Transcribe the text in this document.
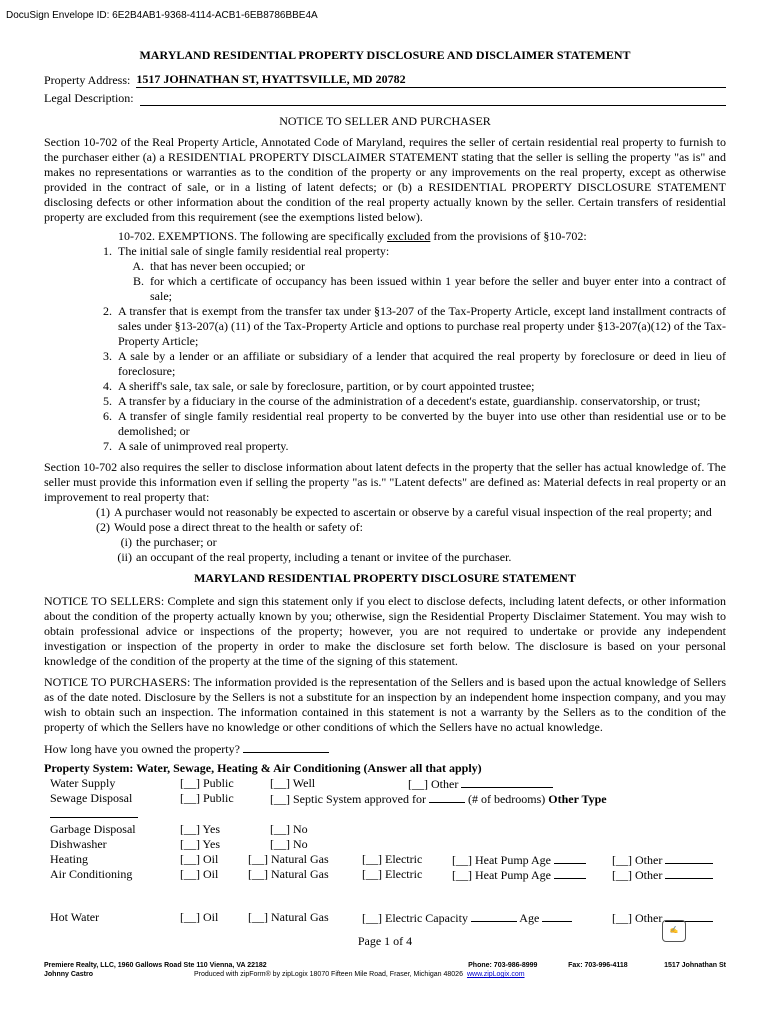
DocuSign Envelope ID: 6E2B4AB1-9368-4114-ACB1-6EB8786BBE4A
MARYLAND RESIDENTIAL PROPERTY DISCLOSURE AND DISCLAIMER STATEMENT
Property Address: 1517 JOHNATHAN ST, HYATTSVILLE, MD 20782
Legal Description:
NOTICE TO SELLER AND PURCHASER

Section 10-702 of the Real Property Article, Annotated Code of Maryland, requires the seller of certain residential real property to furnish to the purchaser either (a) a RESIDENTIAL PROPERTY DISCLAIMER STATEMENT stating that the seller is selling the property "as is" and makes no representations or warranties as to the condition of the property or any improvements on the real property, except as otherwise provided in the contract of sale, or in a listing of latent defects; or (b) a RESIDENTIAL PROPERTY DISCLOSURE STATEMENT disclosing defects or other information about the condition of the real property actually known by the seller. Certain transfers of residential property are excluded from this requirement (see the exemptions listed below).

10-702. EXEMPTIONS. The following are specifically excluded from the provisions of §10-702:
1. The initial sale of single family residential real property:
A. that has never been occupied; or
B. for which a certificate of occupancy has been issued within 1 year before the seller and buyer enter into a contract of sale;
2. A transfer that is exempt from the transfer tax under §13-207 of the Tax-Property Article, except land installment contracts of sales under §13-207(a) (11) of the Tax-Property Article and options to purchase real property under §13-207(a)(12) of the Tax-Property Article;
3. A sale by a lender or an affiliate or subsidiary of a lender that acquired the real property by foreclosure or deed in lieu of foreclosure;
4. A sheriff's sale, tax sale, or sale by foreclosure, partition, or by court appointed trustee;
5. A transfer by a fiduciary in the course of the administration of a decedent's estate, guardianship. conservatorship, or trust;
6. A transfer of single family residential real property to be converted by the buyer into use other than residential use or to be demolished; or
7. A sale of unimproved real property.

Section 10-702 also requires the seller to disclose information about latent defects in the property that the seller has actual knowledge of. The seller must provide this information even if selling the property "as is." "Latent defects" are defined as: Material defects in real property or an improvement to real property that:

(1) A purchaser would not reasonably be expected to ascertain or observe by a careful visual inspection of the real property; and
(2) Would pose a direct threat to the health or safety of:
(i) the purchaser; or
(ii) an occupant of the real property, including a tenant or invitee of the purchaser.
MARYLAND RESIDENTIAL PROPERTY DISCLOSURE STATEMENT

NOTICE TO SELLERS: Complete and sign this statement only if you elect to disclose defects, including latent defects, or other information about the condition of the property actually known by you; otherwise, sign the Residential Property Disclaimer Statement. You may wish to obtain professional advice or inspections of the property; however, you are not required to undertake or provide any independent investigation or inspection of the property in order to make the disclosure set forth below. The disclosure is based on your personal knowledge of the condition of the property at the time of the signing of this statement.

NOTICE TO PURCHASERS: The information provided is the representation of the Sellers and is based upon the actual knowledge of Sellers as of the date noted. Disclosure by the Sellers is not a substitute for an inspection by an independent home inspection company, and you may wish to obtain such an inspection. The information contained in this statement is not a warranty by the Sellers as to the condition of the property of which the Sellers have no knowledge or other conditions of which the Sellers have no actual knowledge.

How long have you owned the property?
Property System: Water, Sewage, Heating & Air Conditioning (Answer all that apply)
Water Supply	[__] Public	[__] Well	[__] Other
Sewage Disposal	[__] Public	[__] Septic System approved for	(# of bedrooms) Other Type
Garbage Disposal	[__] Yes	[__] No
Dishwasher	[__] Yes	[__] No
Heating	[__] Oil [__] Natural Gas	[__] Electric [__] Heat Pump Age	[__] Other
Air Conditioning	[__] Oil [__] Natural Gas	[__] Electric [__] Heat Pump Age	[__] Other
Hot Water	[__] Oil [__] Natural Gas	[__] Electric Capacity	Age	[__] Other
Page 1 of 4
✍
Premiere Realty, LLC, 1960 Gallows Road Ste 110 Vienna, VA 22182	Phone: 703-986-8999	Fax: 703-996-4118	1517 Johnathan St
Johnny Castro	Produced with zipForm® by zipLogix 18070 Fifteen Mile Road, Fraser, Michigan 48026 www.zipLogix.com
